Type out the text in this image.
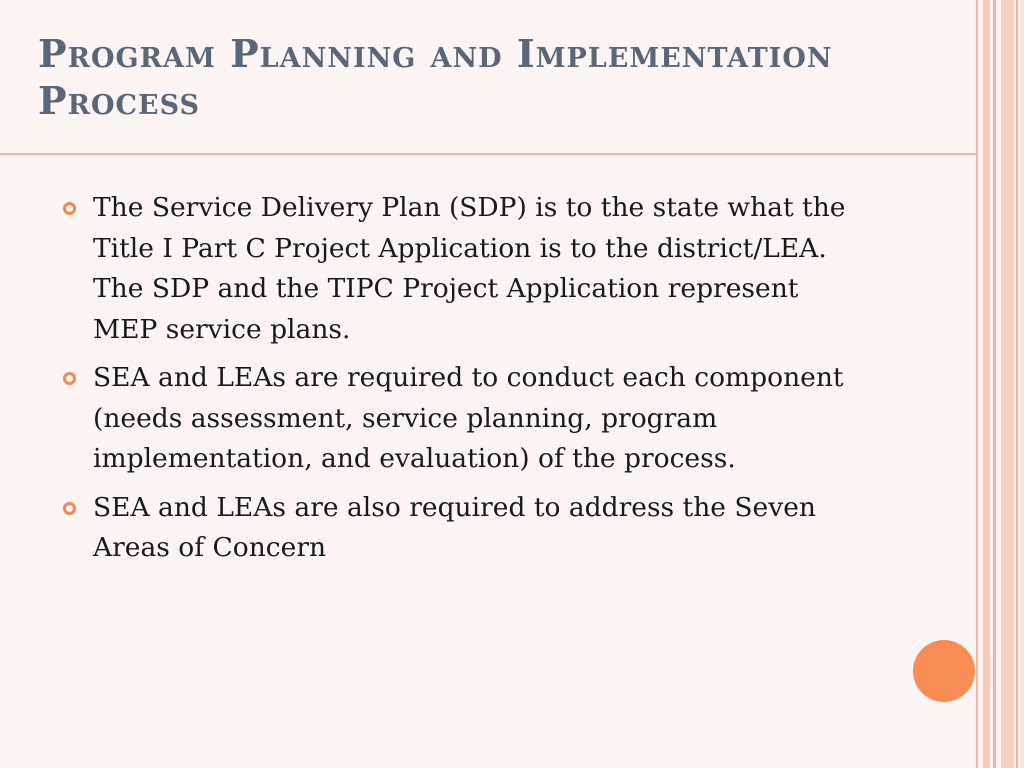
Program Planning and Implementation Process
The Service Delivery Plan (SDP) is to the state what the Title I Part C Project Application is to the district/LEA. The SDP and the TIPC Project Application represent MEP service plans.
SEA and LEAs are required to conduct each component (needs assessment, service planning, program implementation, and evaluation) of the process.
SEA and LEAs are also required to address the Seven Areas of Concern
